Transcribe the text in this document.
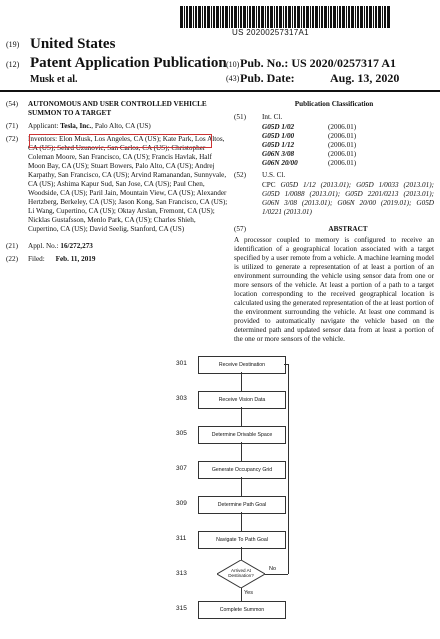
US 20200257317A1
(19) United States
(12) Patent Application Publication
Musk et al.
(10) Pub. No.: US 2020/0257317 A1
(43) Pub. Date:	Aug. 13, 2020
(54)	AUTONOMOUS AND USER CONTROLLED VEHICLE SUMMON TO A TARGET
(71)	Applicant: Tesla, Inc., Palo Alto, CA (US)
(72)	Inventors: Elon Musk, Los Angeles, CA (US); Kate Park, Los Altos, CA (US); Sehrd Uzunovic, San Carlos, CA (US); Christopher Coleman Moore, San Francisco, CA (US); Francis Havlak, Half Moon Bay, CA (US); Stuart Bowers, Palo Alto, CA (US); Andrej Karpathy, San Francisco, CA (US); Arvind Ramanandan, Sunnyvale, CA (US); Ashima Kapur Sud, San Jose, CA (US); Paul Chen, Woodside, CA (US); Paril Jain, Mountain View, CA (US); Alexander Hertzberg, Berkeley, CA (US); Jason Kong, San Francisco, CA (US); Li Wang, Cupertino, CA (US); Oktay Arslan, Fremont, CA (US); Nicklas Gustafsson, Menlo Park, CA (US); Charles Shieh, Cupertino, CA (US); David Seelig, Stanford, CA (US)
(21)	Appl. No.: 16/272,273
(22)	Filed: Feb. 11, 2019
Publication Classification
(51)	Int. Cl.
G05D 1/02	(2006.01)
G05D 1/00	(2006.01)
G05D 1/12	(2006.01)
G06N 3/08	(2006.01)
G06N 20/00	(2006.01)
(52)	U.S. Cl.
CPC G05D 1/12 (2013.01); G05D 1/0033 (2013.01); G05D 1/0088 (2013.01); G05D 2201/0213 (2013.01); G06N 3/08 (2013.01); G06N 20/00 (2019.01); G05D 1/0221 (2013.01)
(57)	ABSTRACT
A processor coupled to memory is configured to receive an identification of a geographical location associated with a target specified by a user remote from a vehicle. A machine learning model is utilized to generate a representation of at least a portion of an environment surrounding the vehicle using sensor data from one or more sensors of the vehicle. At least a portion of a path to a target location corresponding to the received geographical location is calculated using the generated representation of the at least portion of the environment surrounding the vehicle. At least one command is provided to automatically navigate the vehicle based on the determined path and updated sensor data from at least a portion of the one or more sensors of the vehicle.
301	Receive Destination
303	Receive Vision Data
305	Determine Drivable Space
307	Generate Occupancy Grid
309	Determine Path Goal
311	Navigate To Path Goal
313	Arrived At Destination?
315	Complete Summon
Yes
No
